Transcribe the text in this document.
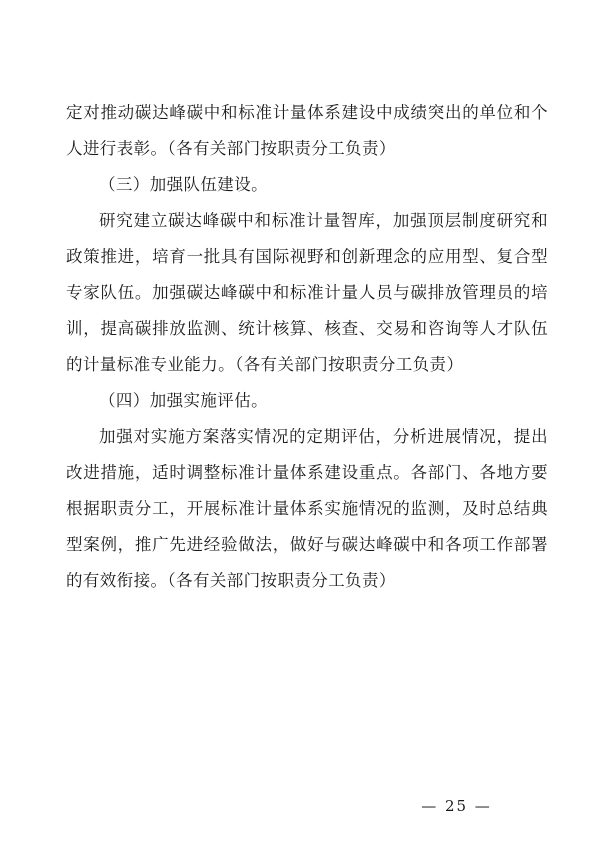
定对推动碳达峰碳中和标准计量体系建设中成绩突出的单位和个人进行表彰。（各有关部门按职责分工负责）

（三）加强队伍建设。

研究建立碳达峰碳中和标准计量智库，加强顶层制度研究和政策推进，培育一批具有国际视野和创新理念的应用型、复合型专家队伍。加强碳达峰碳中和标准计量人员与碳排放管理员的培训，提高碳排放监测、统计核算、核查、交易和咨询等人才队伍的计量标准专业能力。（各有关部门按职责分工负责）

（四）加强实施评估。

加强对实施方案落实情况的定期评估，分析进展情况，提出改进措施，适时调整标准计量体系建设重点。各部门、各地方要根据职责分工，开展标准计量体系实施情况的监测，及时总结典型案例，推广先进经验做法，做好与碳达峰碳中和各项工作部署的有效衔接。（各有关部门按职责分工负责）

— 25 —
